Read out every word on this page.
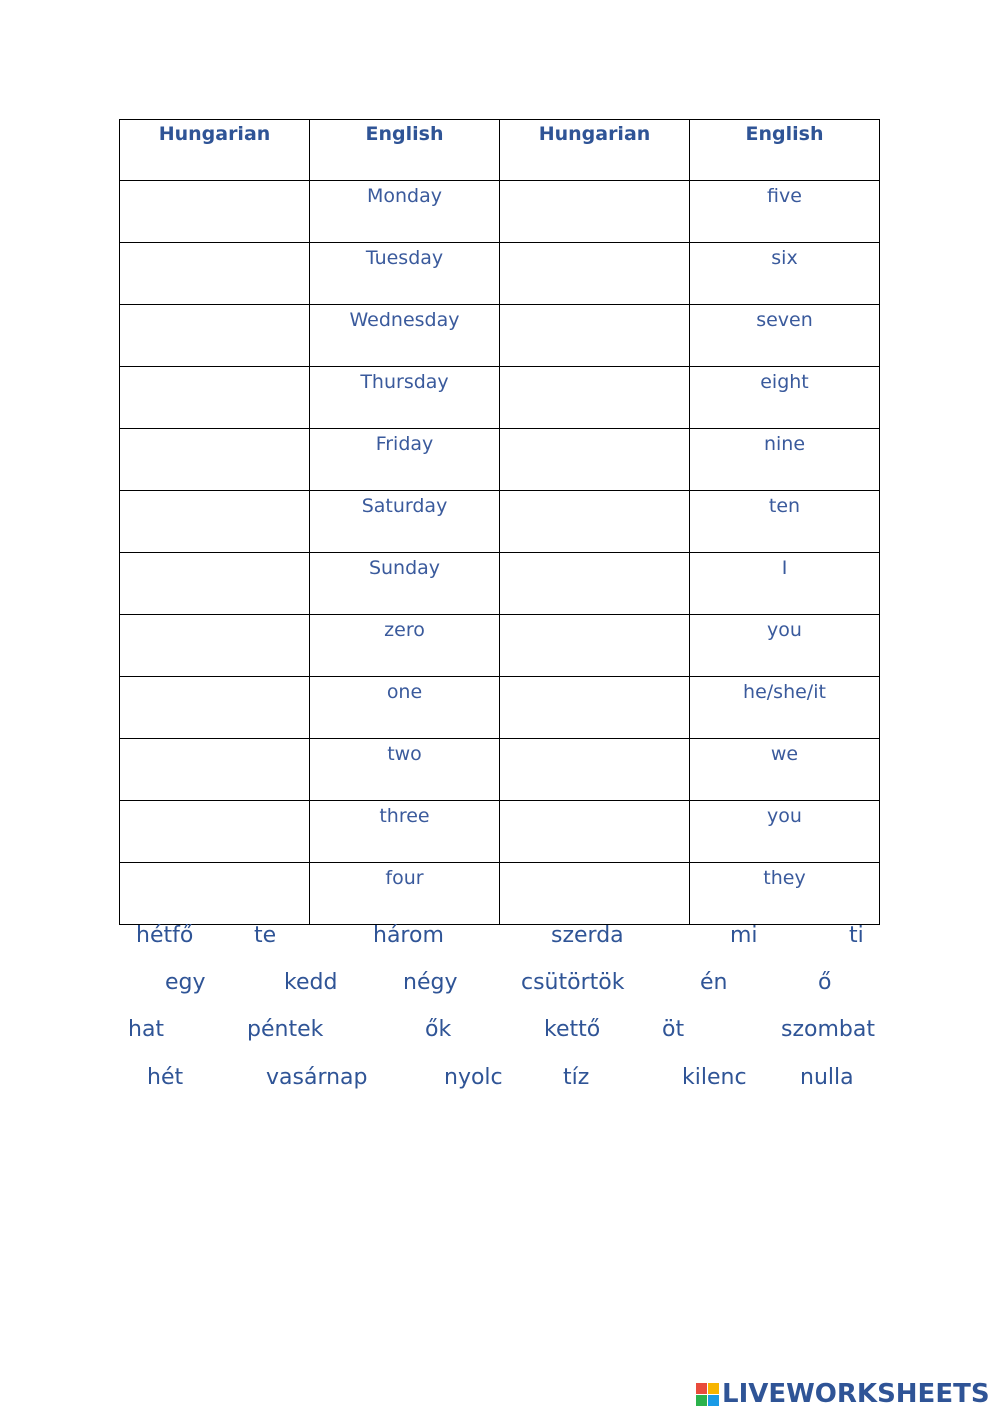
Hungarian	English	Hungarian	English
	Monday		five
	Tuesday		six
	Wednesday		seven
	Thursday		eight
	Friday		nine
	Saturday		ten
	Sunday		I
	zero		you
	one		he/she/it
	two		we
	three		you
	four		they
hétfő	te	három	szerda	mi	ti
egy	kedd	négy	csütörtök	én	ő
hat	péntek	ők	kettő	öt	szombat
hét	vasárnap	nyolc	tíz	kilenc nulla
LIVEWORKSHEETS
